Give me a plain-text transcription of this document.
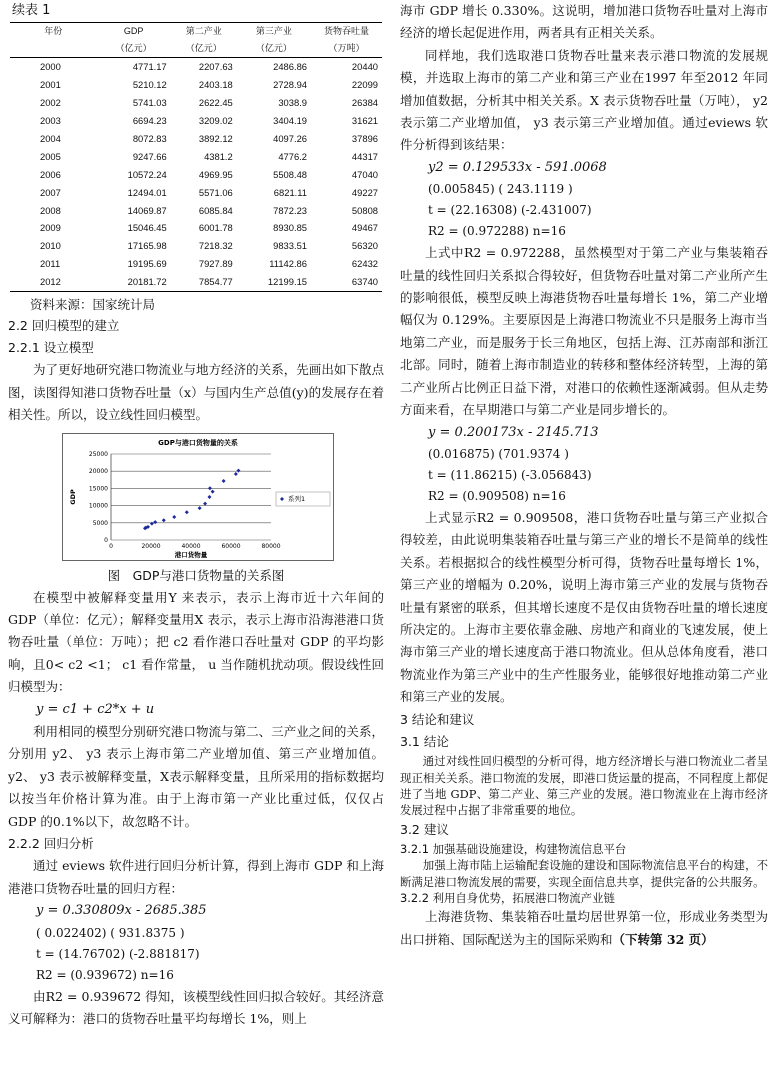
续表 1
年份	GDP	第二产业	第三产业	货物吞吐量
	（亿元）	（亿元）	（亿元）	（万吨）
2000	4771.17	2207.63	2486.86	20440
2001	5210.12	2403.18	2728.94	22099
2002	5741.03	2622.45	3038.9	26384
2003	6694.23	3209.02	3404.19	31621
2004	8072.83	3892.12	4097.26	37896
2005	9247.66	4381.2	4776.2	44317
2006	10572.24	4969.95	5508.48	47040
2007	12494.01	5571.06	6821.11	49227
2008	14069.87	6085.84	7872.23	50808
2009	15046.45	6001.78	8930.85	49467
2010	17165.98	7218.32	9833.51	56320
2011	19195.69	7927.89	11142.86	62432
2012	20181.72	7854.77	12199.15	63740
资料来源：国家统计局
2.2 回归模型的建立
2.2.1 设立模型

为了更好地研究港口物流业与地方经济的关系，先画出如下散点图，读图得知港口货物吞吐量（x）与国内生产总值(y)的发展存在着相关性。所以，设立线性回归模型。

GDP与港口货物量的关系
0
5000
10000
15000
20000
25000
0	20000	40000	60000	80000
港口货物量
GDP	系列1
图　GDP与港口货物量的关系图

在模型中被解释变量用Y 来表示，表示上海市近十六年间的GDP（单位：亿元）；解释变量用X 表示，表示上海市沿海港港口货物吞吐量（单位：万吨）；把 c2 看作港口吞吐量对 GDP 的平均影响，且0< c2 <1； c1 看作常量， u 当作随机扰动项。假设线性回归模型为：

y = c1 + c2*x + u

利用相同的模型分别研究港口物流与第二、三产业之间的关系，分别用 y2、 y3 表示上海市第二产业增加值、第三产业增加值。y2、 y3 表示被解释变量，X表示解释变量，且所采用的指标数据均以按当年价格计算为准。由于上海市第一产业比重过低，仅仅占GDP 的0.1%以下，故忽略不计。

2.2.2 回归分析

通过 eviews 软件进行回归分析计算，得到上海市 GDP 和上海港港口货物吞吐量的回归方程：

y = 0.330809x - 2685.385
( 0.022402) ( 931.8375 )
t = (14.76702) (-2.881817)
R2 = (0.939672) n=16

由R2 = 0.939672 得知，该模型线性回归拟合较好。其经济意义可解释为：港口的货物吞吐量平均每增长 1%，则上

海市 GDP 增长 0.330%。这说明，增加港口货物吞吐量对上海市经济的增长起促进作用，两者具有正相关关系。

同样地，我们选取港口货物吞吐量来表示港口物流的发展规模，并选取上海市的第二产业和第三产业在1997 年至2012 年同增加值数据，分析其中相关关系。X 表示货物吞吐量（万吨）， y2 表示第二产业增加值， y3 表示第三产业增加值。通过eviews 软件分析得到该结果：

y2 = 0.129533x - 591.0068
(0.005845) ( 243.1119 )
t = (22.16308) (-2.431007)
R2 = (0.972288) n=16

上式中R2 = 0.972288，虽然模型对于第二产业与集装箱吞吐量的线性回归关系拟合得较好，但货物吞吐量对第二产业所产生的影响很低，模型反映上海港货物吞吐量每增长 1%，第二产业增幅仅为 0.129%。主要原因是上海港口物流业不只是服务上海市当地第二产业，而是服务于长三角地区，包括上海、江苏南部和浙江北部。同时，随着上海市制造业的转移和整体经济转型，上海的第二产业所占比例正日益下滑，对港口的依赖性逐渐减弱。但从走势方面来看，在早期港口与第二产业是同步增长的。

y = 0.200173x - 2145.713
(0.016875) (701.9374 )
t = (11.86215) (-3.056843)
R2 = (0.909508) n=16

上式显示R2 = 0.909508，港口货物吞吐量与第三产业拟合得较差，由此说明集装箱吞吐量与第三产业的增长不是简单的线性关系。若根据拟合的线性模型分析可得，货物吞吐量每增长 1%，第三产业的增幅为 0.20%，说明上海市第三产业的发展与货物吞吐量有紧密的联系，但其增长速度不是仅由货物吞吐量的增长速度所决定的。上海市主要依靠金融、房地产和商业的飞速发展，使上海市第三产业的增长速度高于港口物流业。但从总体角度看，港口物流业作为第三产业中的生产性服务业，能够很好地推动第二产业和第三产业的发展。

3 结论和建议
3.1 结论

通过对线性回归模型的分析可得，地方经济增长与港口物流业二者呈现正相关关系。港口物流的发展，即港口货运量的提高，不同程度上都促进了当地 GDP、第二产业、第三产业的发展。港口物流业在上海市经济发展过程中占据了非常重要的地位。

3.2 建议
3.2.1 加强基础设施建设，构建物流信息平台

加强上海市陆上运输配套设施的建设和国际物流信息平台的构建，不断满足港口物流发展的需要，实现全面信息共享，提供完备的公共服务。

3.2.2 利用自身优势，拓展港口物流产业链

上海港货物、集装箱吞吐量均居世界第一位，形成业务类型为出口拼箱、国际配送为主的国际采购和（下转第 32 页）
